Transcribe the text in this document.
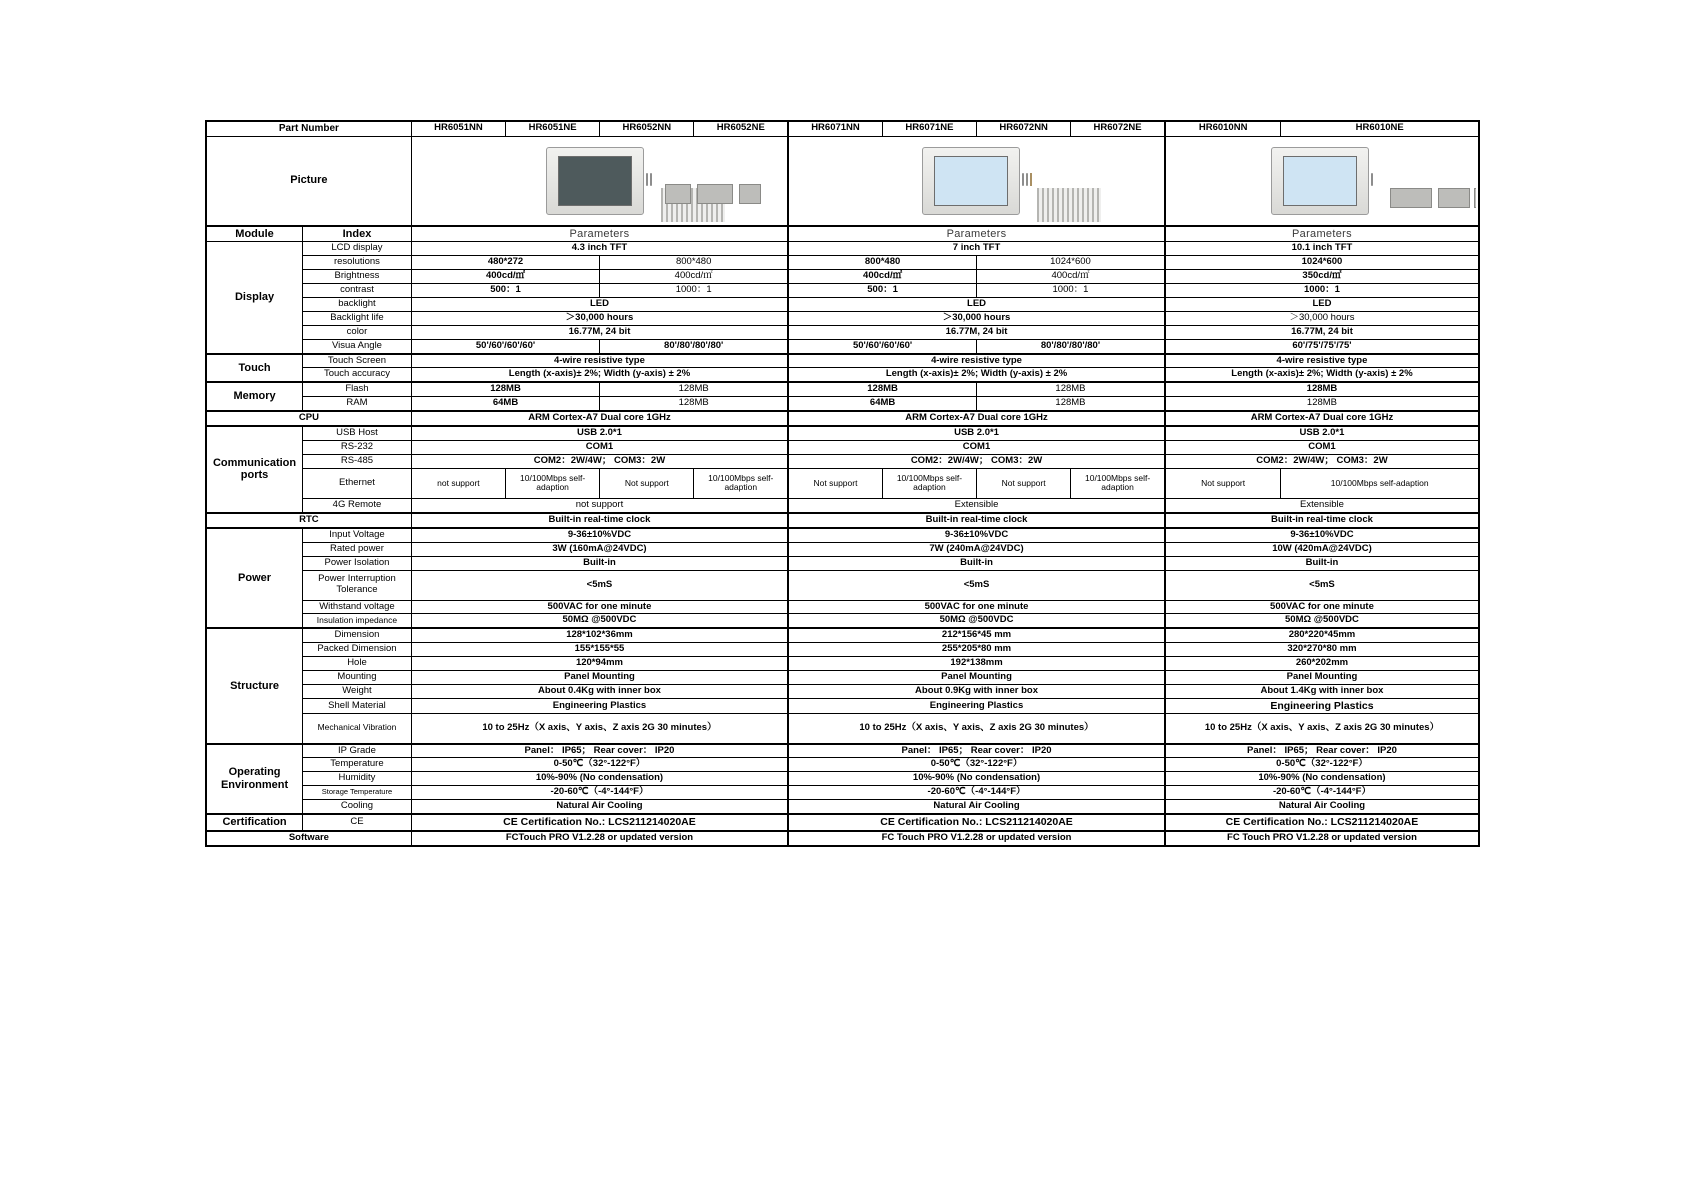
Part Number		HR6051NN	HR6051NE	HR6052NN	HR6052NE	HR6071NN	HR6071NE	HR6072NN	HR6072NE	HR6010NN	HR6010NE
Picture									

Module	Index	Parameters				Parameters				Parameters	
Display	LCD display	4.3 inch TFT				7 inch TFT				10.1 inch TFT	
	resolutions	480*272		800*480		800*480		1024*600		1024*600	
	Brightness	400cd/㎡		400cd/㎡		400cd/㎡		400cd/㎡		350cd/㎡	
	contrast	500：1		1000：1		500：1		1000：1		1000：1	
	backlight	LED				LED				LED	
	Backlight life	＞30,000 hours				＞30,000 hours				＞30,000 hours	
	color	16.77M, 24 bit				16.77M, 24 bit				16.77M, 24 bit	
	Visua Angle	50'/60'/60'/60'		80'/80'/80'/80'		50'/60'/60'/60'		80'/80'/80'/80'		60'/75'/75'/75'	
Touch	Touch Screen	4-wire resistive type				4-wire resistive type				4-wire resistive type	
	Touch accuracy	Length (x-axis)± 2%; Width (y-axis) ± 2%				Length (x-axis)± 2%; Width (y-axis) ± 2%				Length (x-axis)± 2%; Width (y-axis) ± 2%	
Memory	Flash	128MB		128MB		128MB		128MB		128MB	
	RAM	64MB		128MB		64MB		128MB		128MB	
CPU		ARM Cortex-A7 Dual core 1GHz				ARM Cortex-A7 Dual core 1GHz				ARM Cortex-A7 Dual core 1GHz	
Communication ports	USB Host	USB 2.0*1				USB 2.0*1				USB 2.0*1	
	RS-232	COM1				COM1				COM1	
	RS-485	COM2：2W/4W； COM3：2W				COM2：2W/4W； COM3：2W				COM2：2W/4W； COM3：2W	
	Ethernet	not support	10/100Mbps self-adaption	Not support	10/100Mbps self-adaption	Not support	10/100Mbps self-adaption	Not support	10/100Mbps self-adaption	Not support	10/100Mbps self-adaption
	4G Remote	not support				Extensible				Extensible	
RTC		Built-in real-time clock				Built-in real-time clock				Built-in real-time clock	
Power	Input Voltage	9-36±10%VDC				9-36±10%VDC				9-36±10%VDC	
	Rated power	3W (160mA@24VDC)				7W (240mA@24VDC)				10W (420mA@24VDC)	
	Power Isolation	Built-in				Built-in				Built-in	
	Power Interruption Tolerance	<5mS				<5mS				<5mS	
	Withstand voltage	500VAC for one minute				500VAC for one minute				500VAC for one minute	
	Insulation impedance	50MΩ @500VDC				50MΩ @500VDC				50MΩ @500VDC	
Structure	Dimension	128*102*36mm				212*156*45 mm				280*220*45mm	
	Packed Dimension	155*155*55				255*205*80 mm				320*270*80 mm	
	Hole	120*94mm				192*138mm				260*202mm	
	Mounting	Panel Mounting				Panel Mounting				Panel Mounting	
	Weight	About 0.4Kg with inner box				About 0.9Kg with inner box				About 1.4Kg with inner box	
	Shell Material	Engineering Plastics				Engineering Plastics				Engineering Plastics	
	Mechanical Vibration	10 to 25Hz（X axis、Y axis、Z axis 2G 30 minutes）				10 to 25Hz（X axis、Y axis、Z axis 2G 30 minutes）				10 to 25Hz（X axis、Y axis、Z axis 2G 30 minutes）	
Operating Environment	IP Grade	Panel： IP65； Rear cover： IP20				Panel： IP65； Rear cover： IP20				Panel： IP65； Rear cover： IP20	
	Temperature	0-50℃（32°-122°F）				0-50℃（32°-122°F）				0-50℃（32°-122°F）	
	Humidity	10%-90% (No condensation)				10%-90% (No condensation)				10%-90% (No condensation)	
	Storage Temperature	-20-60℃（-4°-144°F）				-20-60℃（-4°-144°F）				-20-60℃（-4°-144°F）	
	Cooling	Natural Air Cooling				Natural Air Cooling				Natural Air Cooling	
Certification	CE	CE Certification No.: LCS211214020AE				CE Certification No.: LCS211214020AE				CE Certification No.: LCS211214020AE	
Software		FCTouch PRO V1.2.28 or updated version				FC Touch PRO V1.2.28 or updated version				FC Touch PRO V1.2.28 or updated version	
